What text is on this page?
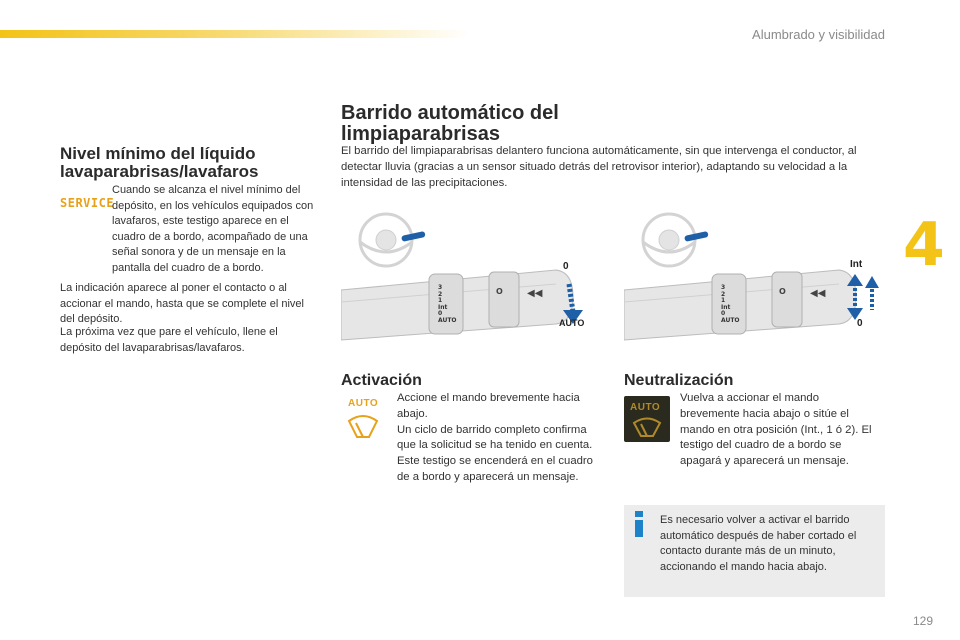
Alumbrado y visibilidad
4
Nivel mínimo del líquido lavaparabrisas/lavafaros
SERVICE

Cuando se alcanza el nivel mínimo del depósito, en los vehículos equipados con lavafaros, este testigo aparece en el cuadro de a bordo, acompañado de una señal sonora y de un mensaje en la pantalla del cuadro de a bordo.

La indicación aparece al poner el contacto o al accionar el mando, hasta que se complete el nivel del depósito.

La próxima vez que pare el vehículo, llene el depósito del lavaparabrisas/lavafaros.

Barrido automático del limpiaparabrisas

El barrido del limpiaparabrisas delantero funciona automáticamente, sin que intervenga el conductor, al detectar lluvia (gracias a un sensor situado detrás del retrovisor interior), adaptando su velocidad a la intensidad de las precipitaciones.

O ◀◀
3
2
1
Int
0
AUTO
0
AUTO
O ◀◀
3
2
1
Int
0
AUTO
Int
0
Activación
AUTO Accione el mando brevemente hacia abajo.

Un ciclo de barrido completo confirma que la solicitud se ha tenido en cuenta.

Este testigo se encenderá en el cuadro de a bordo y aparecerá un mensaje.

Neutralización
AUTO

Vuelva a accionar el mando brevemente hacia abajo o sitúe el mando en otra posición (Int., 1 ó 2). El testigo del cuadro de a bordo se apagará y aparecerá un mensaje.

Es necesario volver a activar el barrido automático después de haber cortado el contacto durante más de un minuto, accionando el mando hacia abajo.

129
